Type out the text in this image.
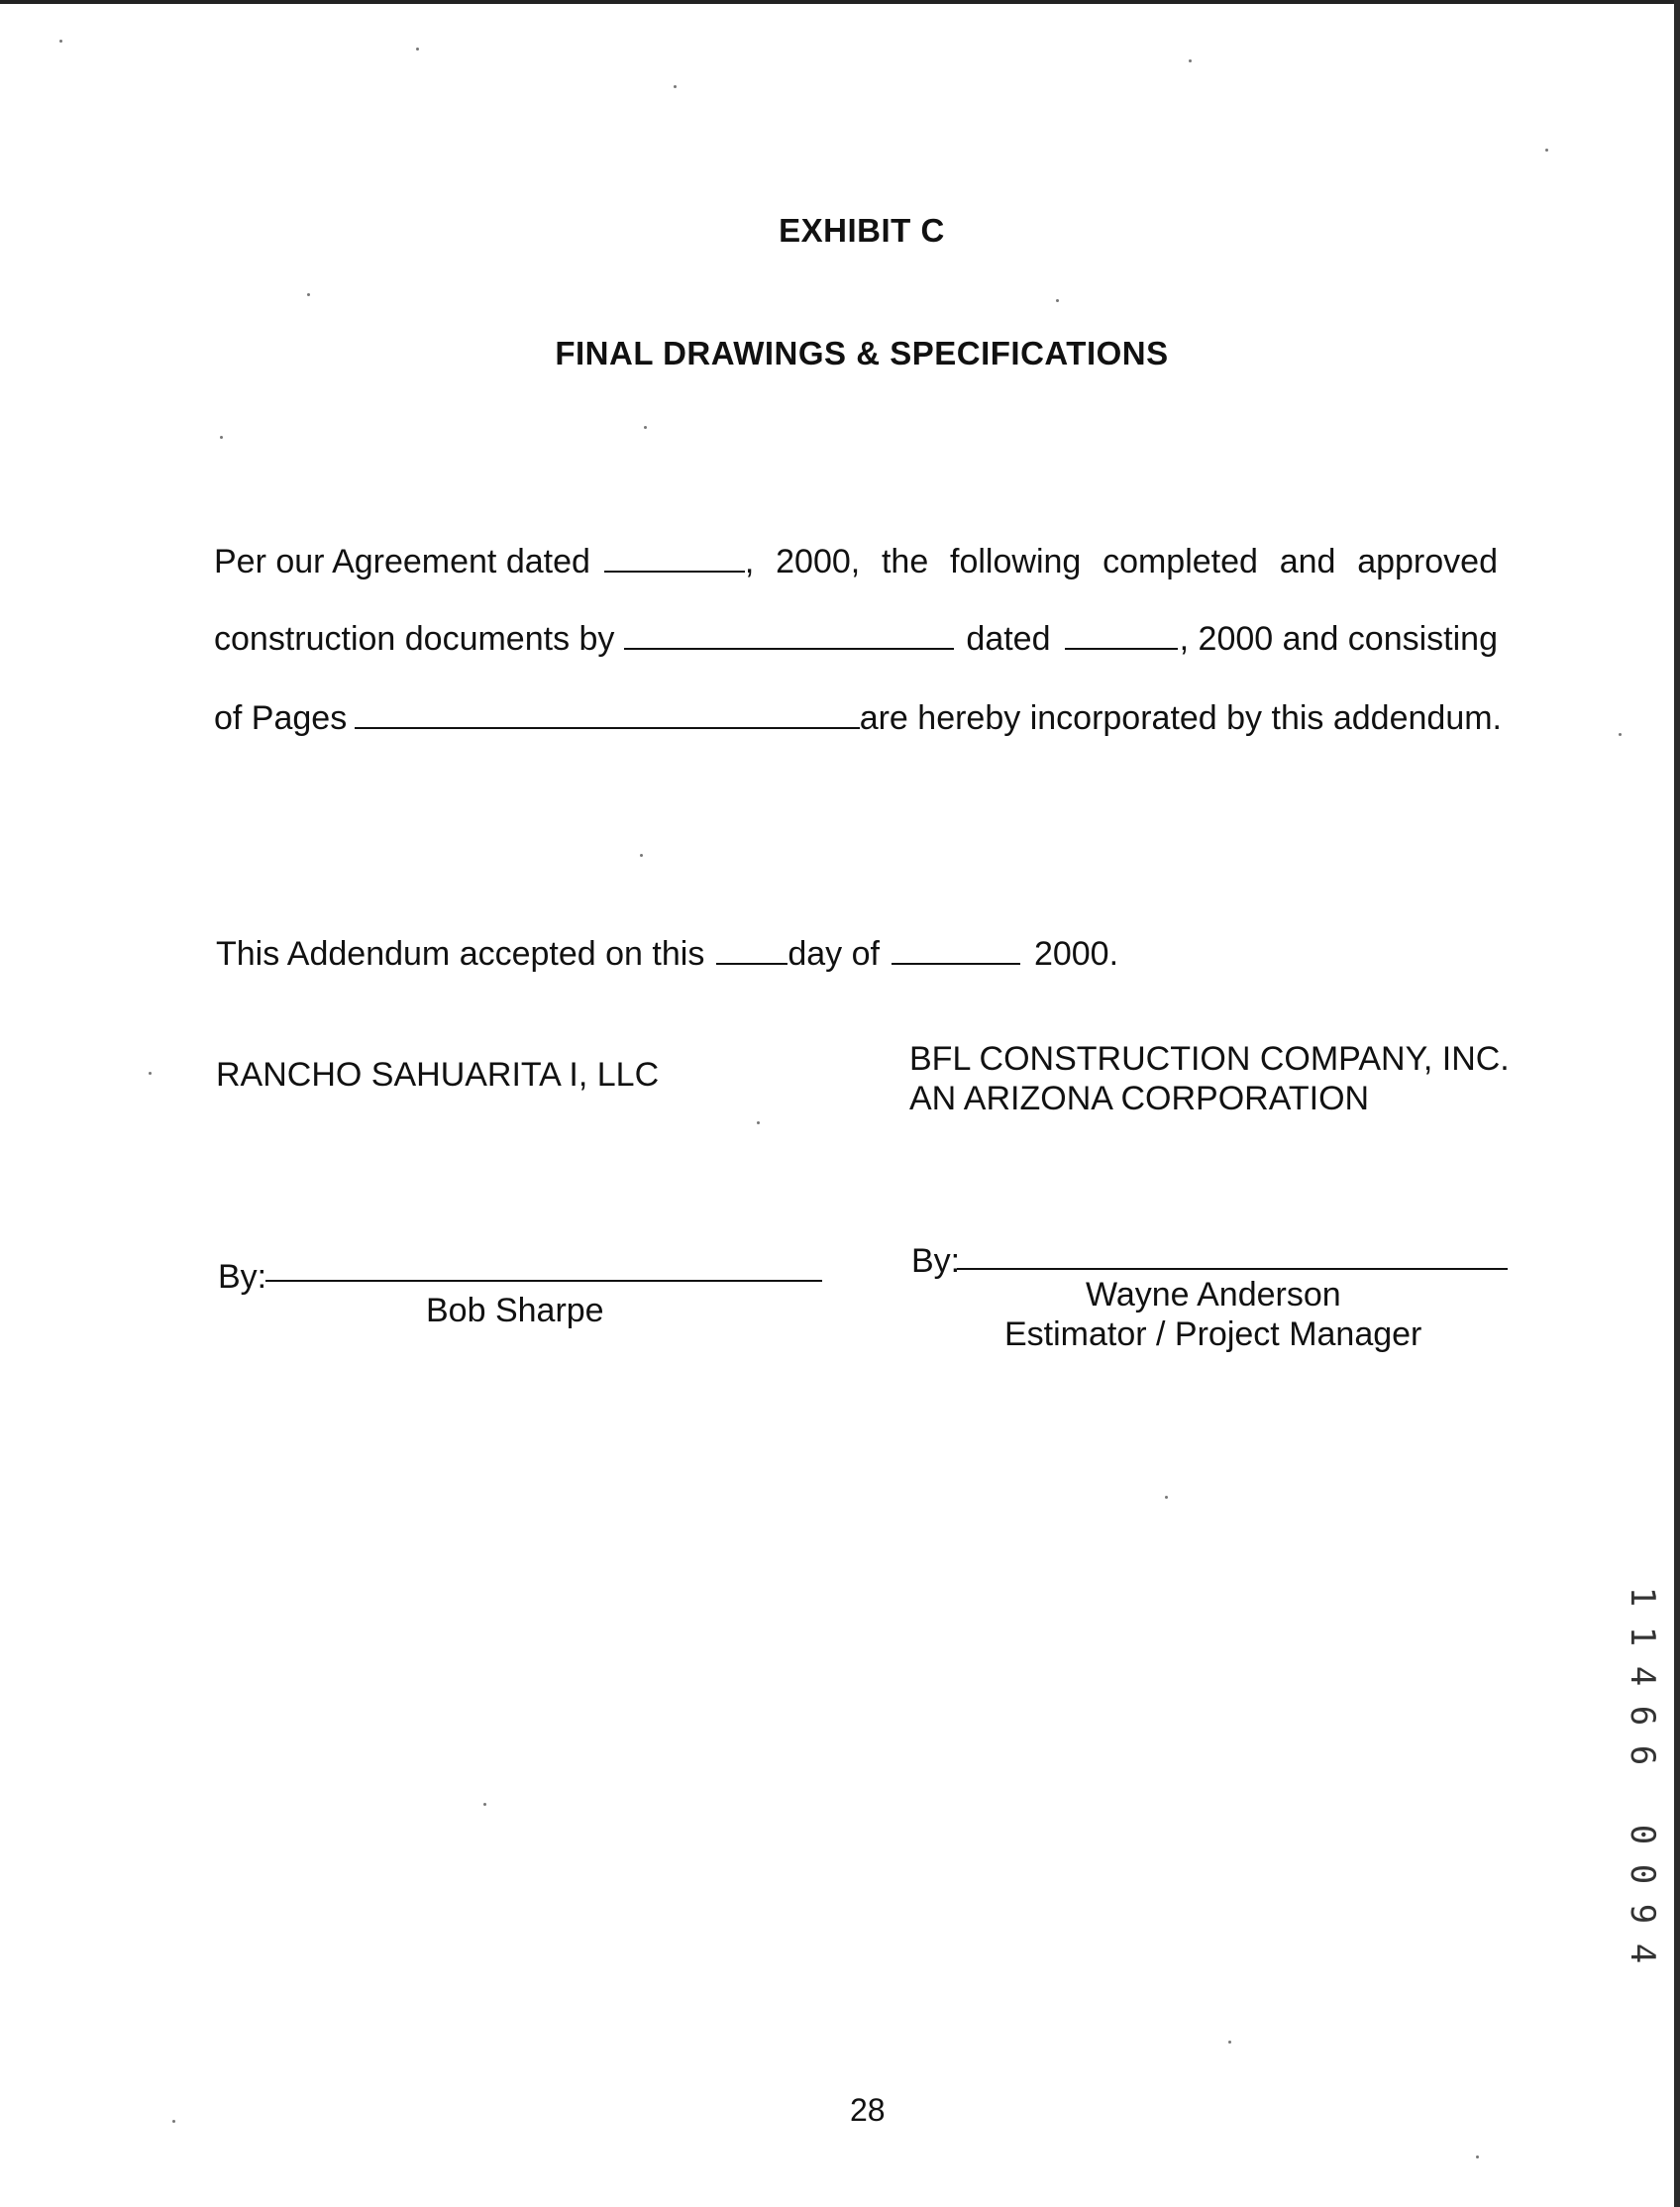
EXHIBIT C
FINAL DRAWINGS & SPECIFICATIONS
Per our Agreement dated	, 2000, the following completed and approved
construction documents by	dated	, 2000 and consisting
of Pages	are hereby incorporated by this addendum.
This Addendum accepted on this day of	2000.
RANCHO SAHUARITA I, LLC	BFL CONSTRUCTION COMPANY, INC.
AN ARIZONA CORPORATION
By:
Bob Sharpe
By:
Wayne Anderson
Estimator / Project Manager
28
1
1
4
6
6

0
0
9
4
